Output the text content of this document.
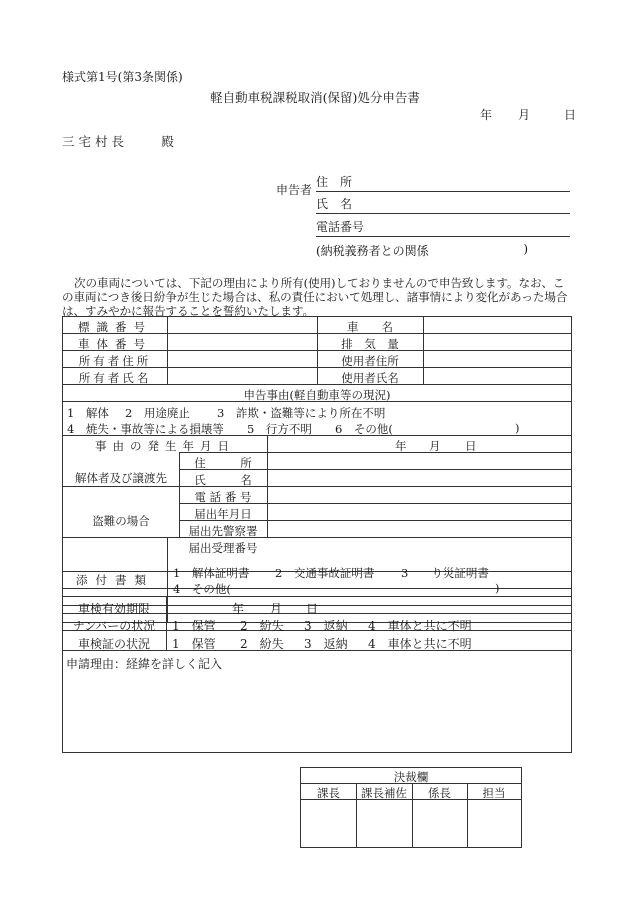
様式第1号(第3条関係)
軽自動車税課税取消(保留)処分申告書
年 月	日
三 宅 村 長　　　殿
申告者
住　所
氏　名
電話番号
(納税義務者との関係	)
次の車両については、下記の理由により所有(使用)しておりませんので申告致します。なお、この車両につき後日紛争が生じた場合は、私の責任において処理し、諸事情により変化があった場合は、すみやかに報告することを誓約いたします。
標識番号	車　　名
車体番号	排　気　量
所有者住所	使用者住所
所有者氏名	使用者氏名
申告事由(軽自動車等の現況)
1　解体 2　用途廃止 3　詐欺・盗難等により所在不明
4　焼失・事故等による損壊等 5　行方不明 6　その他(	)
事由の発生年月日	年 月 日
解体者及び譲渡先
住　　　所
氏　　　名
電 話 番 号
盗難の場合	届出年月日
届出先警察署
届出受理番号
添付書類	1　解体証明書 2　交通事故証明書 3　　り災証明書
4　その他(	)
車検有効期限	年 月 日
ナンバーの状況	1　保管 2　紛失 3　返納 4　車体と共に不明
車検証の状況	1　保管 2　紛失 3　返納 4　車体と共に不明
申請理由：経緯を詳しく記入
決裁欄
課長	課長補佐	係長	担当
